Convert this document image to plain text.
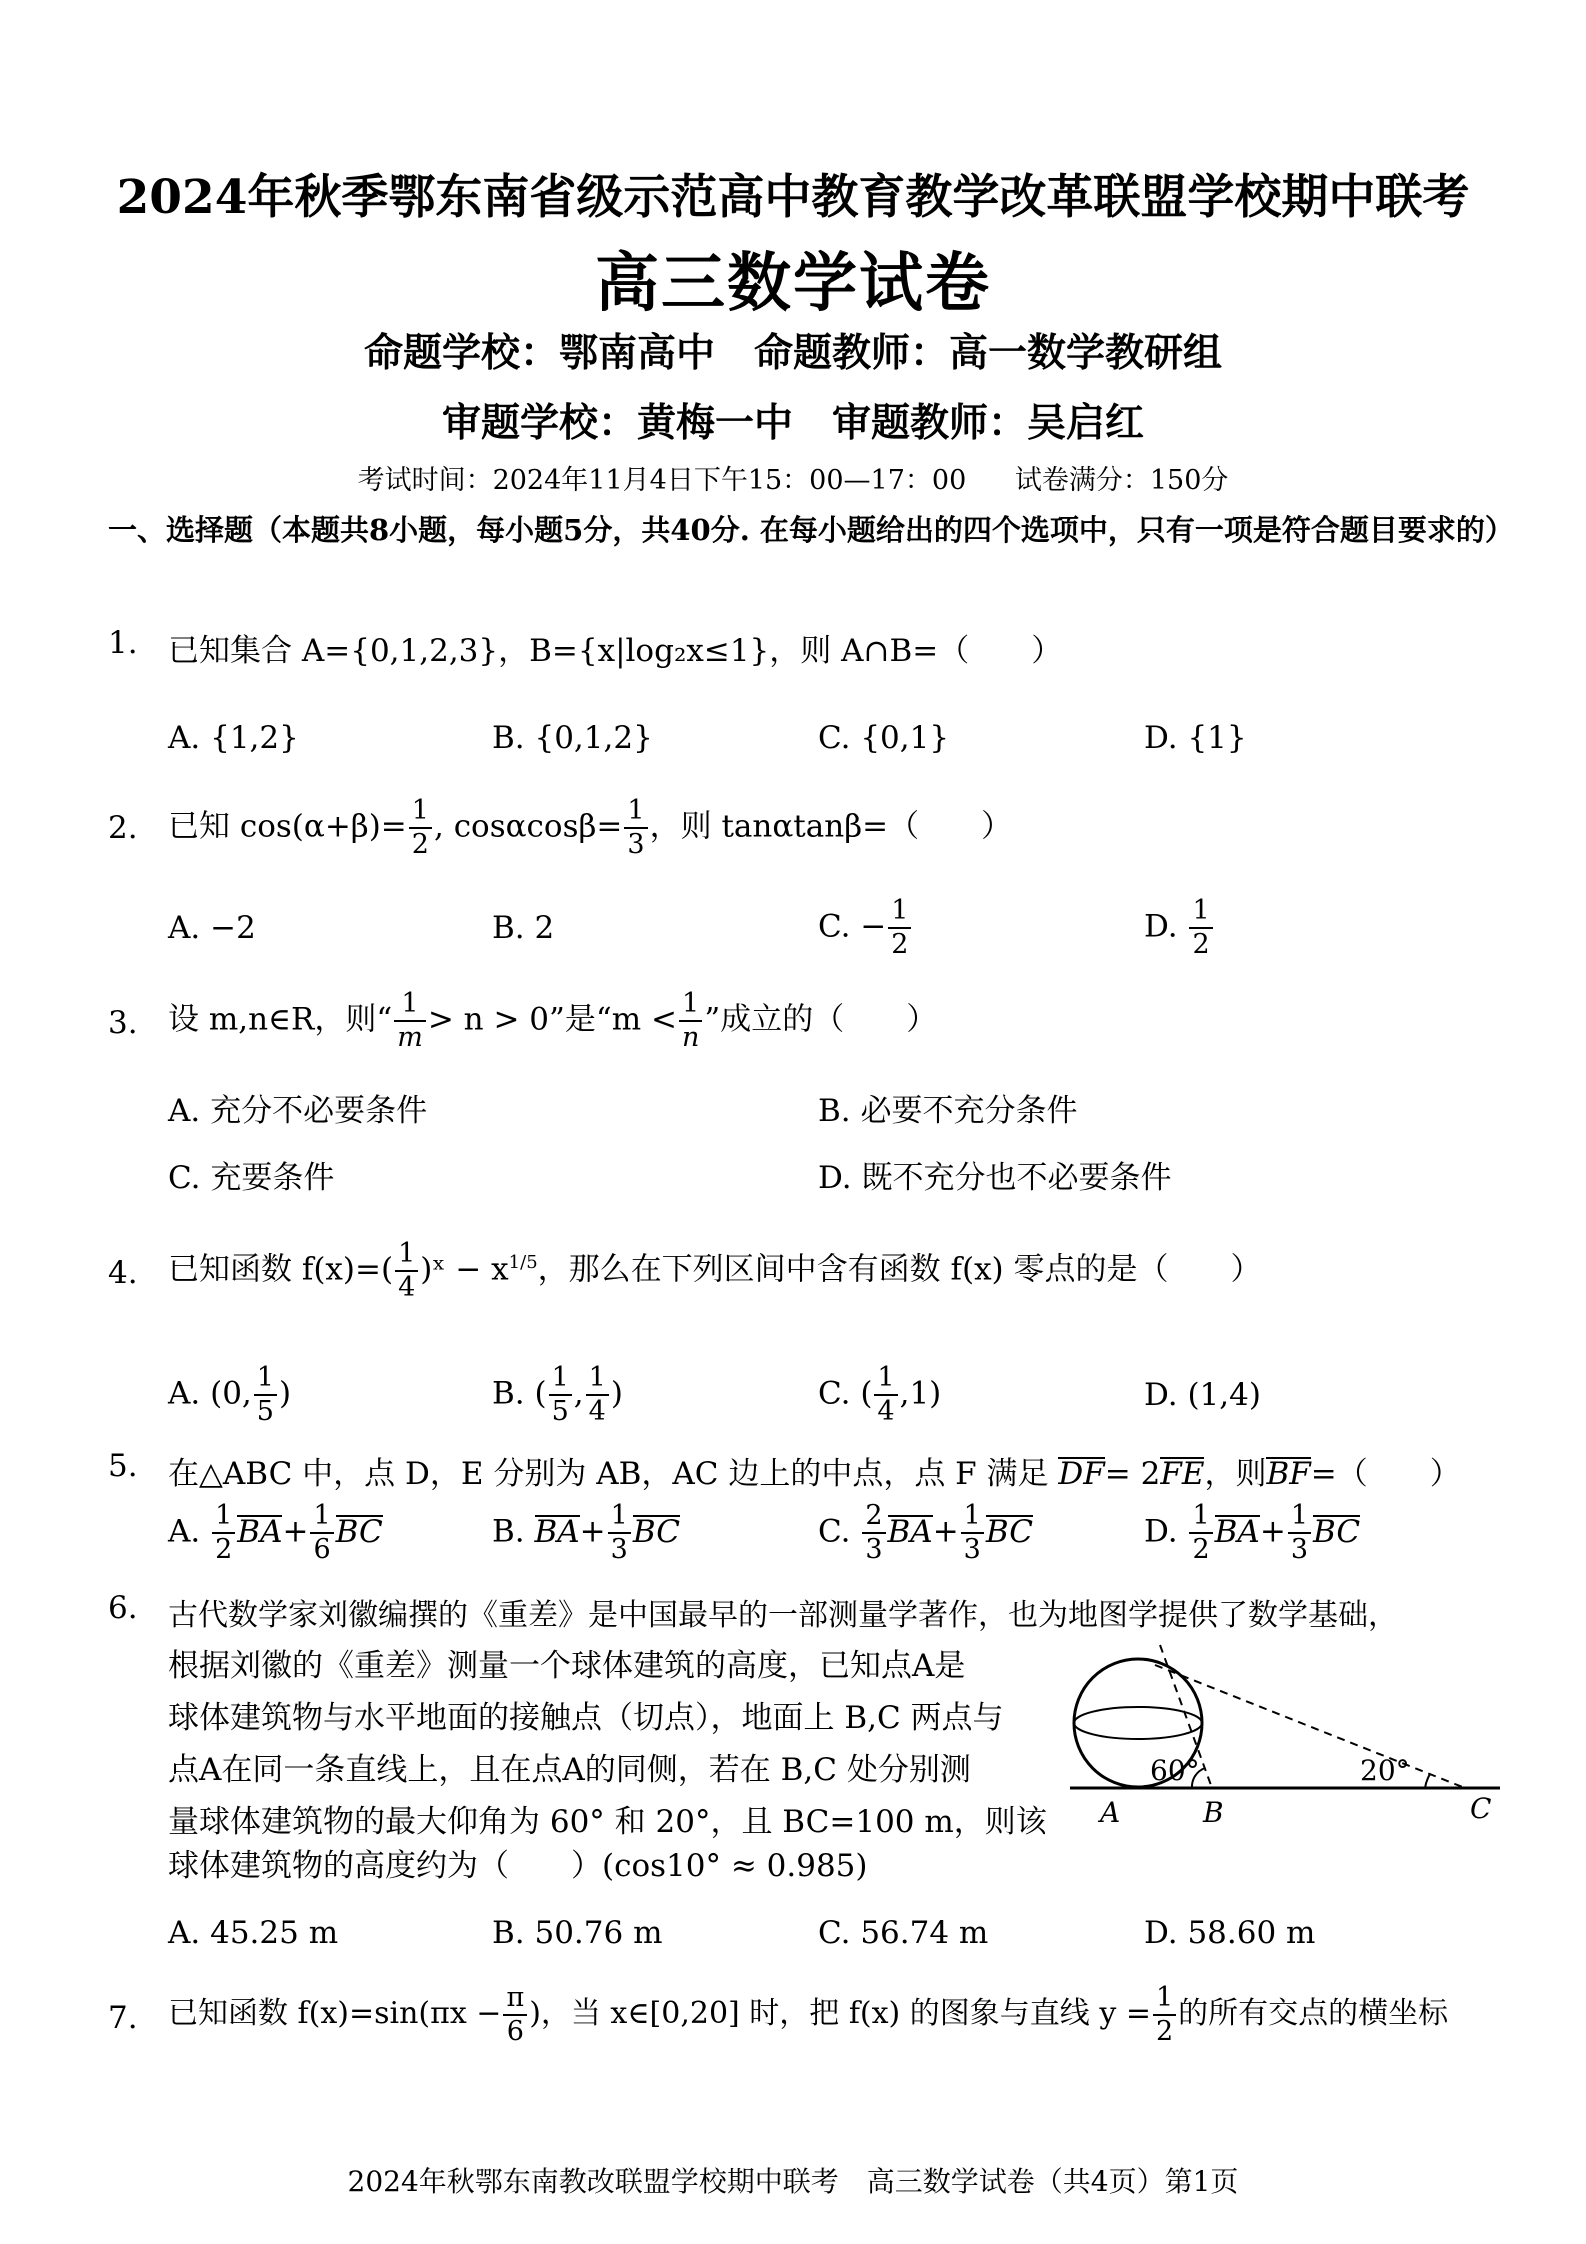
2024年秋季鄂东南省级示范高中教育教学改革联盟学校期中联考
高三数学试卷
命题学校：鄂南高中　命题教师：高一数学教研组
审题学校：黄梅一中　审题教师：吴启红
考试时间：2024年11月4日下午15：00—17：00 试卷满分：150分
一、选择题（本题共8小题，每小题5分，共40分. 在每小题给出的四个选项中，只有一项是符合题目要求的）
1. 已知集合 A={0,1,2,3}，B={x|log₂x≤1}，则 A∩B=（　　）
A. {1,2}	B. {0,1,2}	C. {0,1}	D. {1}
2. 已知 $\cos(\alpha+\beta)= \frac{1}{2}$ , $\cos\alpha\cos\beta= \frac{1}{3}$ ，则 tanαtanβ=（　　）
A. −2	B. 2	C. − $\frac{1}{2}$	D. $\frac{1}{2}$
3. 设 m,n∈R，则“ $\frac{1}{m} > n > 0$”是“$m < \frac{1}{n}$ ”成立的（　　）
A. 充分不必要条件	B. 必要不充分条件
C. 充要条件	D. 既不充分也不必要条件
4. 已知函数 $f(x)=( \frac{1}{4}$ )ˣ − $x^{1/5}$，那么在下列区间中含有函数 f(x) 零点的是（　　）
A. (0, $\frac{1}{5}$ )	B. ( $\frac{1}{5}$ , $\frac{1}{4}$ )	C. ( $\frac{1}{4} ,1$)	D. (1,4)
5. 在△ABC 中，点 D，E 分别为 AB，AC 边上的中点，点 F 满足 DF= 2FE，则BF=（　　）
A. $\frac{1}{2} BA+ \frac{1}{6}$ BC	B. $BA+ \frac{1}{3}$ BC	C. $\frac{2}{3} BA+ \frac{1}{3}$ BC	D. $\frac{1}{2} BA+ \frac{1}{3}$ BC
6. 古代数学家刘徽编撰的《重差》是中国最早的一部测量学著作，也为地图学提供了数学基础，
根据刘徽的《重差》测量一个球体建筑的高度，已知点A是
球体建筑物与水平地面的接触点（切点），地面上 B,C 两点与
点A在同一条直线上，且在点A的同侧，若在 B,C 处分别测
量球体建筑物的最大仰角为 60° 和 20°，且 BC=100 m，则该
球体建筑物的高度约为（　　）(cos10° ≈ 0.985)
60°	20°
A	B	C
A. 45.25 m	B. 50.76 m	C. 56.74 m	D. 58.60 m
7. 已知函数 $f(x)=\sin(\pi x - \frac{\pi}{6}$ )，当 x∈[0,20] 时，把 f(x) 的图象与直线 $y = \frac{1}{2}$ 的所有交点的横坐标
2024年秋鄂东南教改联盟学校期中联考　高三数学试卷（共4页）第1页
